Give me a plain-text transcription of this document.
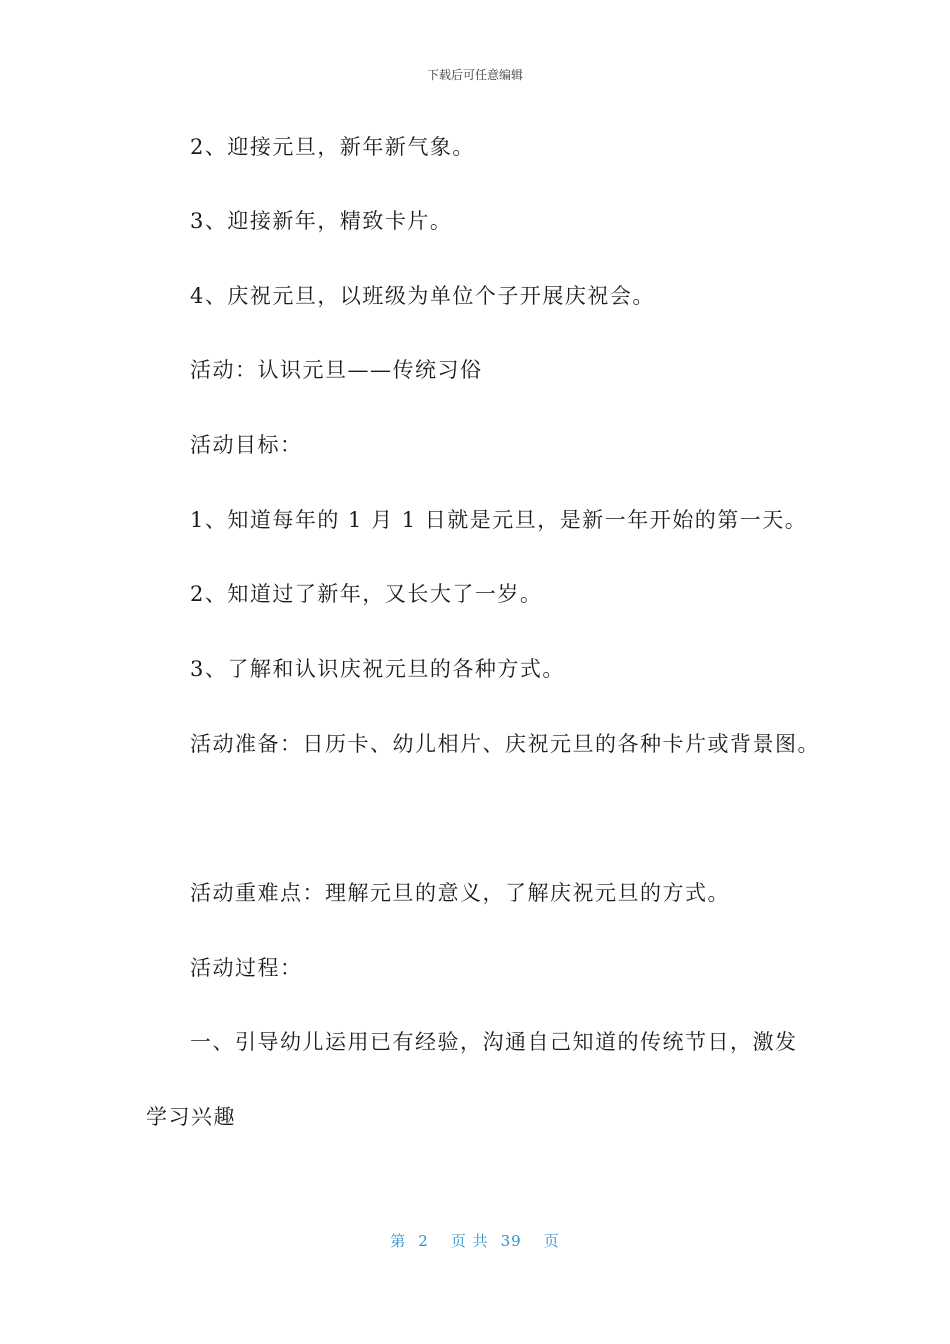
下载后可任意编辑
2、迎接元旦，新年新气象。
3、迎接新年，精致卡片。
4、庆祝元旦，以班级为单位个子开展庆祝会。
活动：认识元旦——传统习俗
活动目标：
1、知道每年的 1 月 1 日就是元旦，是新一年开始的第一天。
2、知道过了新年，又长大了一岁。
3、了解和认识庆祝元旦的各种方式。
活动准备：日历卡、幼儿相片、庆祝元旦的各种卡片或背景图。
活动重难点：理解元旦的意义，了解庆祝元旦的方式。
活动过程：
一、引导幼儿运用已有经验，沟通自己知道的传统节日，激发
学习兴趣
第 2 页 共 39 页
